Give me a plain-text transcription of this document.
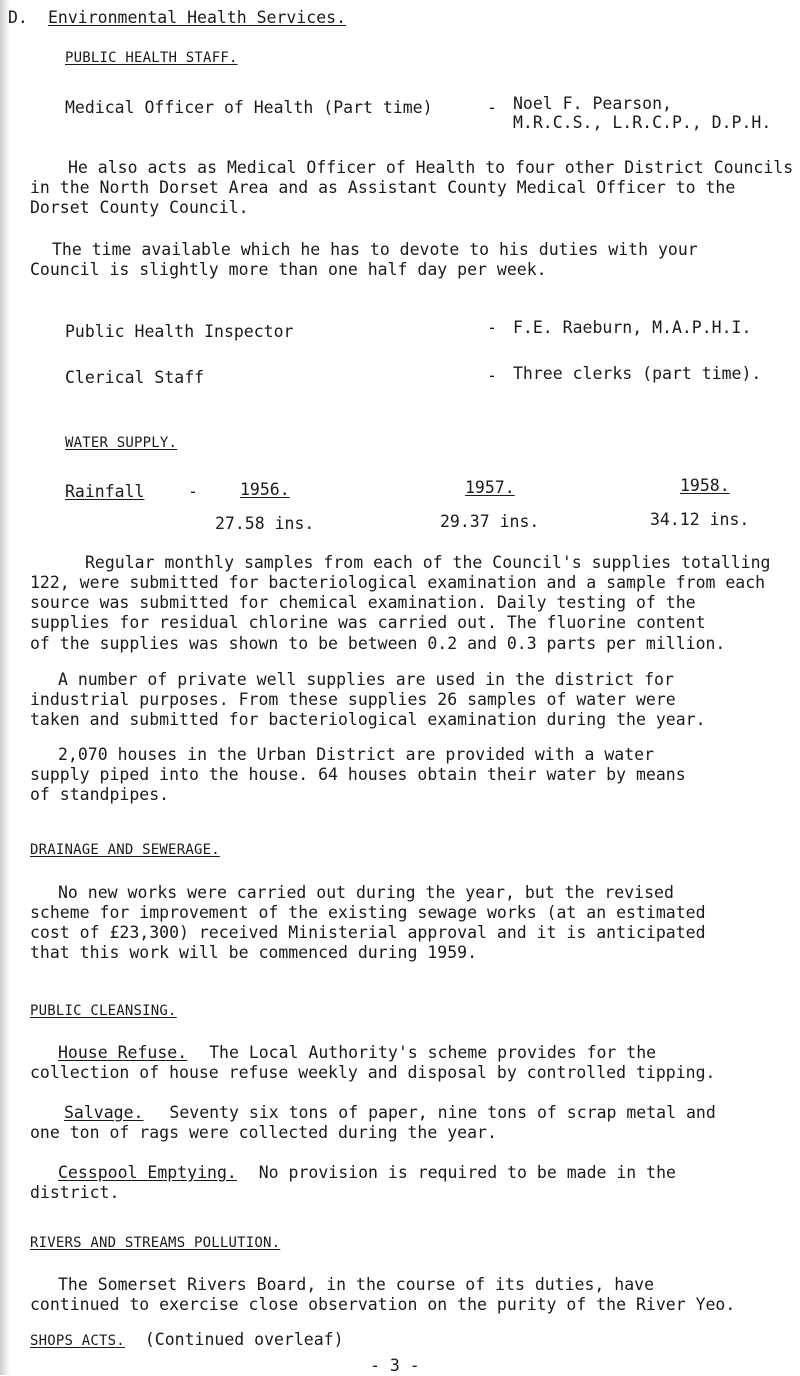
D. Environmental Health Services.
PUBLIC HEALTH STAFF.
Medical Officer of Health (Part time)	- Noel F. Pearson,
M.R.C.S., L.R.C.P., D.P.H.
He also acts as Medical Officer of Health to four other District Councils
in the North Dorset Area and as Assistant County Medical Officer to the
Dorset County Council.
The time available which he has to devote to his duties with your
Council is slightly more than one half day per week.
Public Health Inspector	- F.E. Raeburn, M.A.P.H.I.
Clerical Staff	- Three clerks (part time).
WATER SUPPLY.
Rainfall	-	1956.	1957.	1958.
27.58 ins.	29.37 ins.	34.12 ins.
Regular monthly samples from each of the Council's supplies totalling
122, were submitted for bacteriological examination and a sample from each
source was submitted for chemical examination. Daily testing of the
supplies for residual chlorine was carried out. The fluorine content
of the supplies was shown to be between 0.2 and 0.3 parts per million.
A number of private well supplies are used in the district for
industrial purposes. From these supplies 26 samples of water were
taken and submitted for bacteriological examination during the year.
2,070 houses in the Urban District are provided with a water
supply piped into the house. 64 houses obtain their water by means
of standpipes.
DRAINAGE AND SEWERAGE.
No new works were carried out during the year, but the revised
scheme for improvement of the existing sewage works (at an estimated
cost of £23,300) received Ministerial approval and it is anticipated
that this work will be commenced during 1959.
PUBLIC CLEANSING.
House Refuse. The Local Authority's scheme provides for the
collection of house refuse weekly and disposal by controlled tipping.
Salvage. Seventy six tons of paper, nine tons of scrap metal and
one ton of rags were collected during the year.
Cesspool Emptying. No provision is required to be made in the
district.
RIVERS AND STREAMS POLLUTION.
The Somerset Rivers Board, in the course of its duties, have
continued to exercise close observation on the purity of the River Yeo.
SHOPS ACTS. (Continued overleaf)
- 3 -
